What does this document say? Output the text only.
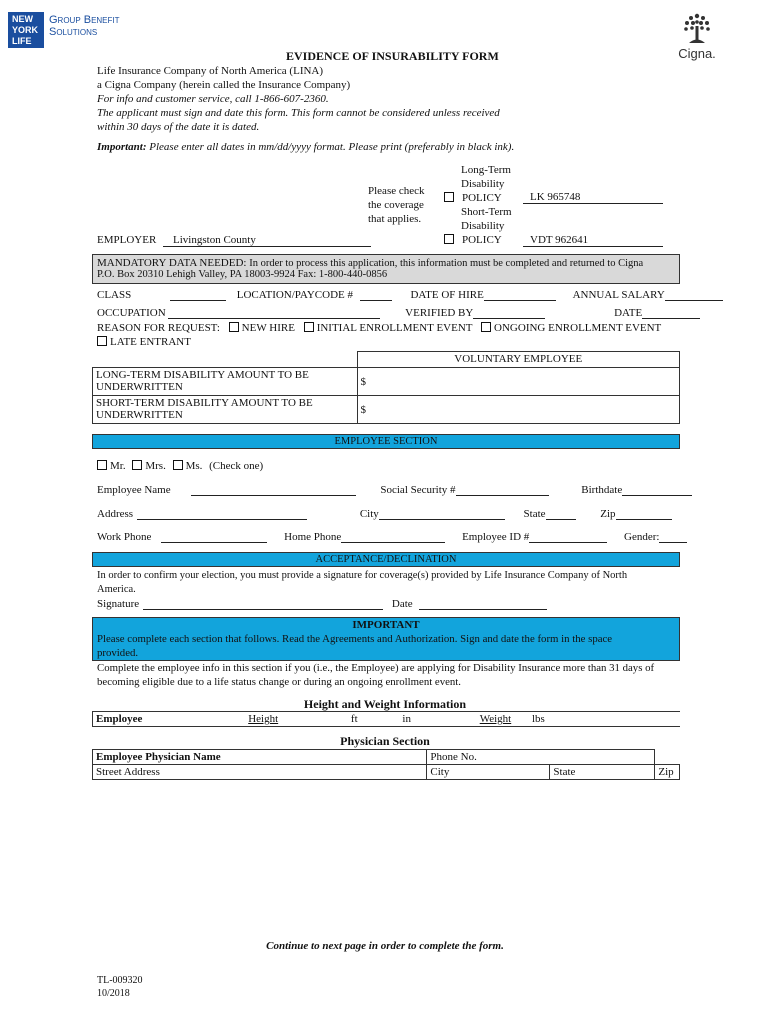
NEW
YORK
LIFE
Group Benefit
Solutions
Cigna.
EVIDENCE OF INSURABILITY FORM
Life Insurance Company of North America (LINA)
a Cigna Company (herein called the Insurance Company)
For info and customer service, call 1-866-607-2360.
The applicant must sign and date this form. This form cannot be considered unless received
within 30 days of the date it is dated.
Important: Please enter all dates in mm/dd/yyyy format. Please print (preferably in black ink).
Please check
the coverage
that applies.
Long-Term
Disability
POLICY	LK 965748
Short-Term
Disability
POLICY	VDT 962641
EMPLOYER Livingston County
MANDATORY DATA NEEDED: In order to process this application, this information must be completed and returned to Cigna
P.O. Box 20310 Lehigh Valley, PA 18003-9924 Fax: 1-800-440-0856
CLASS	LOCATION/PAYCODE #	DATE OF HIRE	ANNUAL SALARY
OCCUPATION	VERIFIED BY	DATE
REASON FOR REQUEST: NEW HIRE INITIAL ENROLLMENT EVENT ONGOING ENROLLMENT EVENT
LATE ENTRANT
	VOLUNTARY EMPLOYEE

LONG-TERM DISABILITY AMOUNT TO BE
UNDERWRITTEN	$

SHORT-TERM DISABILITY AMOUNT TO BE
UNDERWRITTEN	$
EMPLOYEE SECTION
Mr. Mrs. Ms. (Check one)
Employee Name	Social Security #	Birthdate
Address	City	State	Zip
Work Phone	Home Phone	Employee ID #	Gender:
ACCEPTANCE/DECLINATION
In order to confirm your election, you must provide a signature for coverage(s) provided by Life Insurance Company of North
America.
Signature	Date
IMPORTANT
Please complete each section that follows. Read the Agreements and Authorization. Sign and date the form in the space
provided.
Complete the employee info in this section if you (i.e., the Employee) are applying for Disability Insurance more than 31 days of
becoming eligible due to a life status change or during an ongoing enrollment event.
Height and Weight Information
Employee	Height	ft	in	Weight lbs
Physician Section
Employee Physician Name	Phone No.		
Street Address	City	State	Zip
Continue to next page in order to complete the form.
TL-009320
10/2018
